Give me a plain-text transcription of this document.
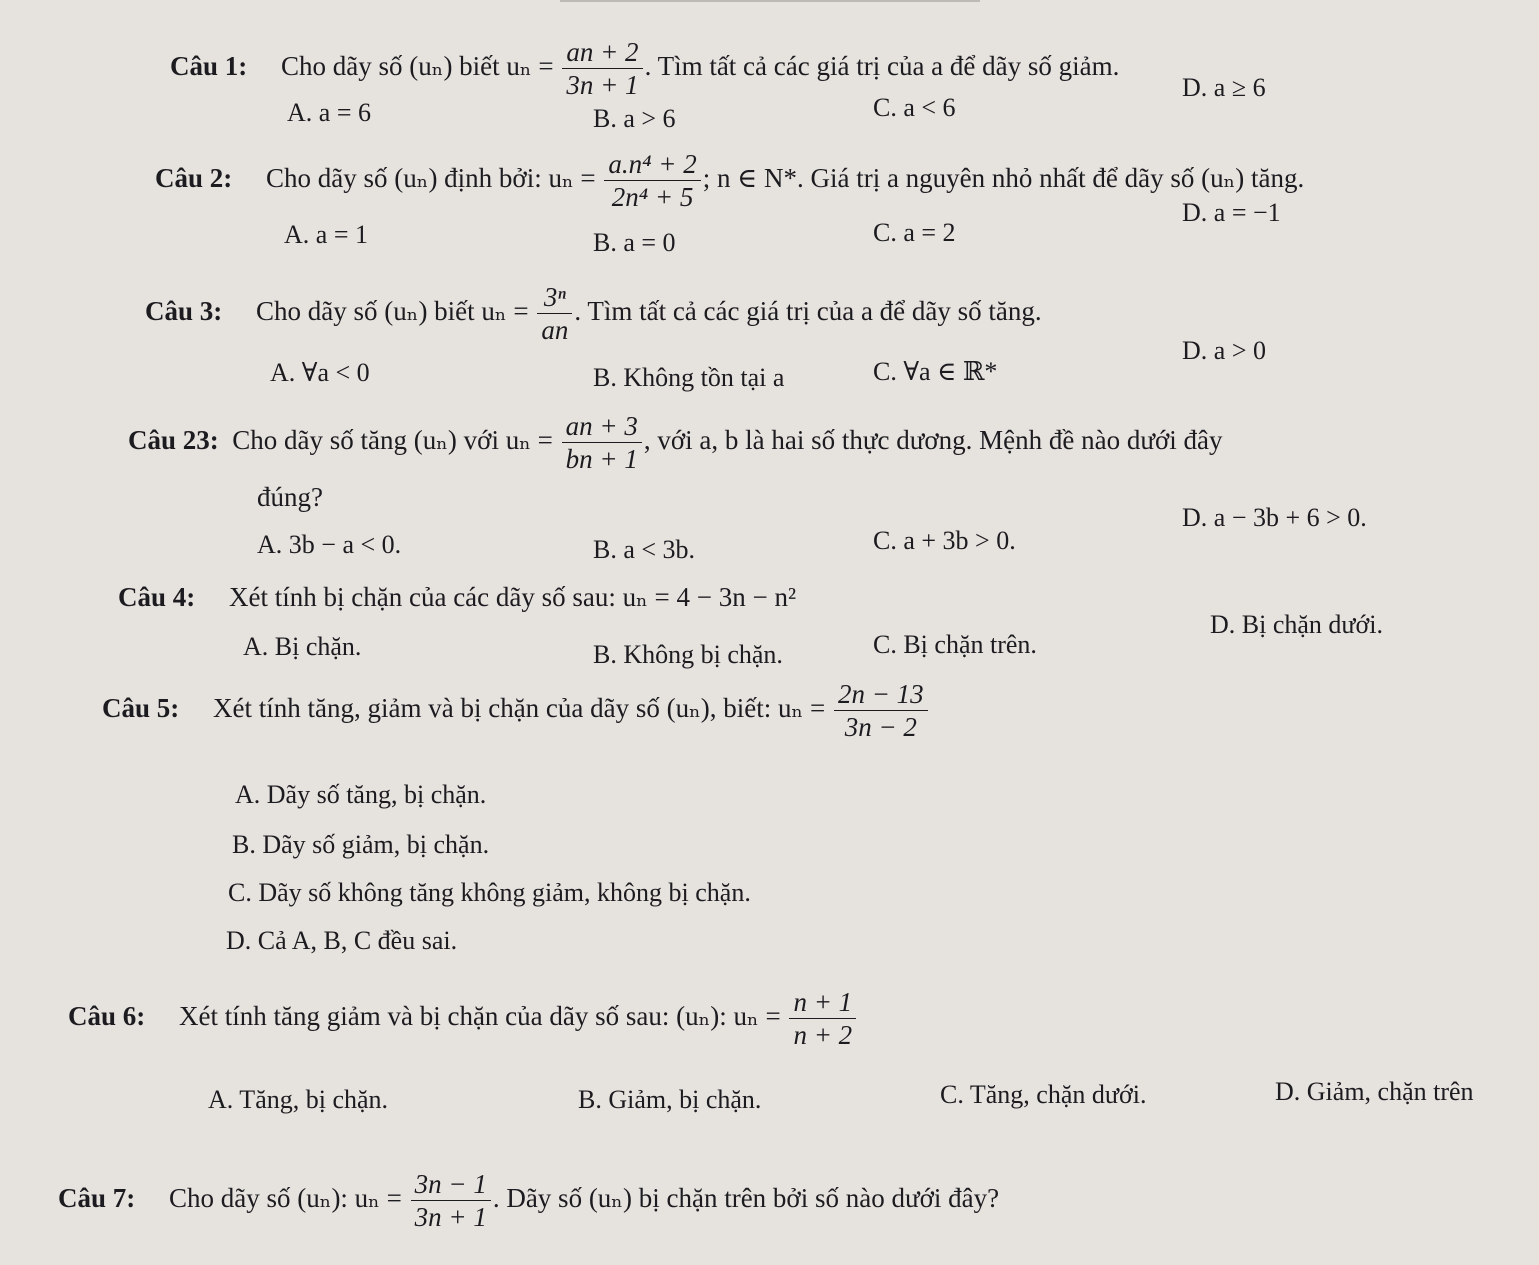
Câu 1: Cho dãy số (uₙ) biết $u_n = \frac{an + 2}{3n + 1}$ . Tìm tất cả các giá trị của a để dãy số giảm.
A. a = 6	B. a > 6	C. a < 6
D. a ≥ 6
Câu 2: Cho dãy số (uₙ) định bởi: $u_n = \frac{\text{a.n⁴ + 2}}{\text{2n⁴ + 5}}$ ; n ∈ N*. Giá trị a nguyên nhỏ nhất để dãy số (uₙ) tăng.
A. a = 1	B. a = 0	C. a = 2
D. a = −1
Câu 3: Cho dãy số (uₙ) biết $u_n = \frac{\text{3ⁿ}}{an}$ . Tìm tất cả các giá trị của a để dãy số tăng.
A. ∀a < 0	B. Không tồn tại a	C. ∀a ∈ ℝ*
D. a > 0
Câu 23: Cho dãy số tăng (uₙ) với $u_n = \frac{an + 3}{bn + 1}$ , với a, b là hai số thực dương. Mệnh đề nào dưới đây
đúng?
A. 3b − a < 0.	B. a < 3b.	C. a + 3b > 0.
D. a − 3b + 6 > 0.
Câu 4: Xét tính bị chặn của các dãy số sau: uₙ = 4 − 3n − n²
A. Bị chặn.	B. Không bị chặn.	C. Bị chặn trên.
D. Bị chặn dưới.
Câu 5: Xét tính tăng, giảm và bị chặn của dãy số (uₙ), biết: $u_n = \frac{2n - 13}{3n - 2}$
A. Dãy số tăng, bị chặn.
B. Dãy số giảm, bị chặn.
C. Dãy số không tăng không giảm, không bị chặn.
D. Cả A, B, C đều sai.
Câu 6: Xét tính tăng giảm và bị chặn của dãy số sau: (uₙ): $u_n = \frac{n + 1}{n + 2}$
A. Tăng, bị chặn.	B. Giảm, bị chặn.	C. Tăng, chặn dưới.	D. Giảm, chặn trên
Câu 7: Cho dãy số (uₙ): $u_n = \frac{3n - 1}{3n + 1}$ . Dãy số (uₙ) bị chặn trên bởi số nào dưới đây?
